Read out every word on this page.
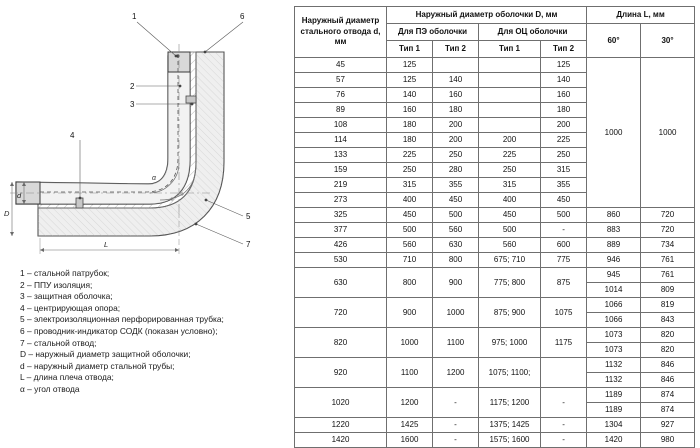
α
D
d
L
1	6
2
3
4
5
7
1 – стальной патрубок;
2 – ППУ изоляция;
3 – защитная оболочка;
4 – центрирующая опора;
5 – электроизоляционная перфорированная трубка;
6 – проводник-индикатор СОДК (показан условно);
7 – стальной отвод;
D – наружный диаметр защитной оболочки;
d – наружный диаметр стальной трубы;
L – длина плеча отвода;
α – угол отвода
Наружный диаметр стального отвода d, мм	Наружный диаметр оболочки D, мм				Длина L, мм	
	Для ПЭ оболочки		Для ОЦ оболочки		60°	30°
	Тип 1	Тип 2	Тип 1	Тип 2		
45	125			125	1000	1000
57	125	140		140		
76	140	160		160		
89	160	180		180		
108	180	200		200		
114	180	200	200	225		
133	225	250	225	250		
159	250	280	250	315		
219	315	355	315	355		
273	400	450	400	450		
325	450	500	450	500	860	720
377	500	560	500	-	883	720
426	560	630	560	600	889	734
530	710	800	675; 710	775	946	761
630	800	900	775; 800	875	945	761
					1014	809
720	900	1000	875; 900	1075	1066	819
					1066	843
820	1000	1100	975; 1000	1175	1073	820
					1073	820
920	1100	1200	1075; 1100;		1132	846
					1132	846
1020	1200	-	1175; 1200	-	1189	874
					1189	874
1220	1425	-	1375; 1425	-	1304	927
1420	1600	-	1575; 1600	-	1420	980
